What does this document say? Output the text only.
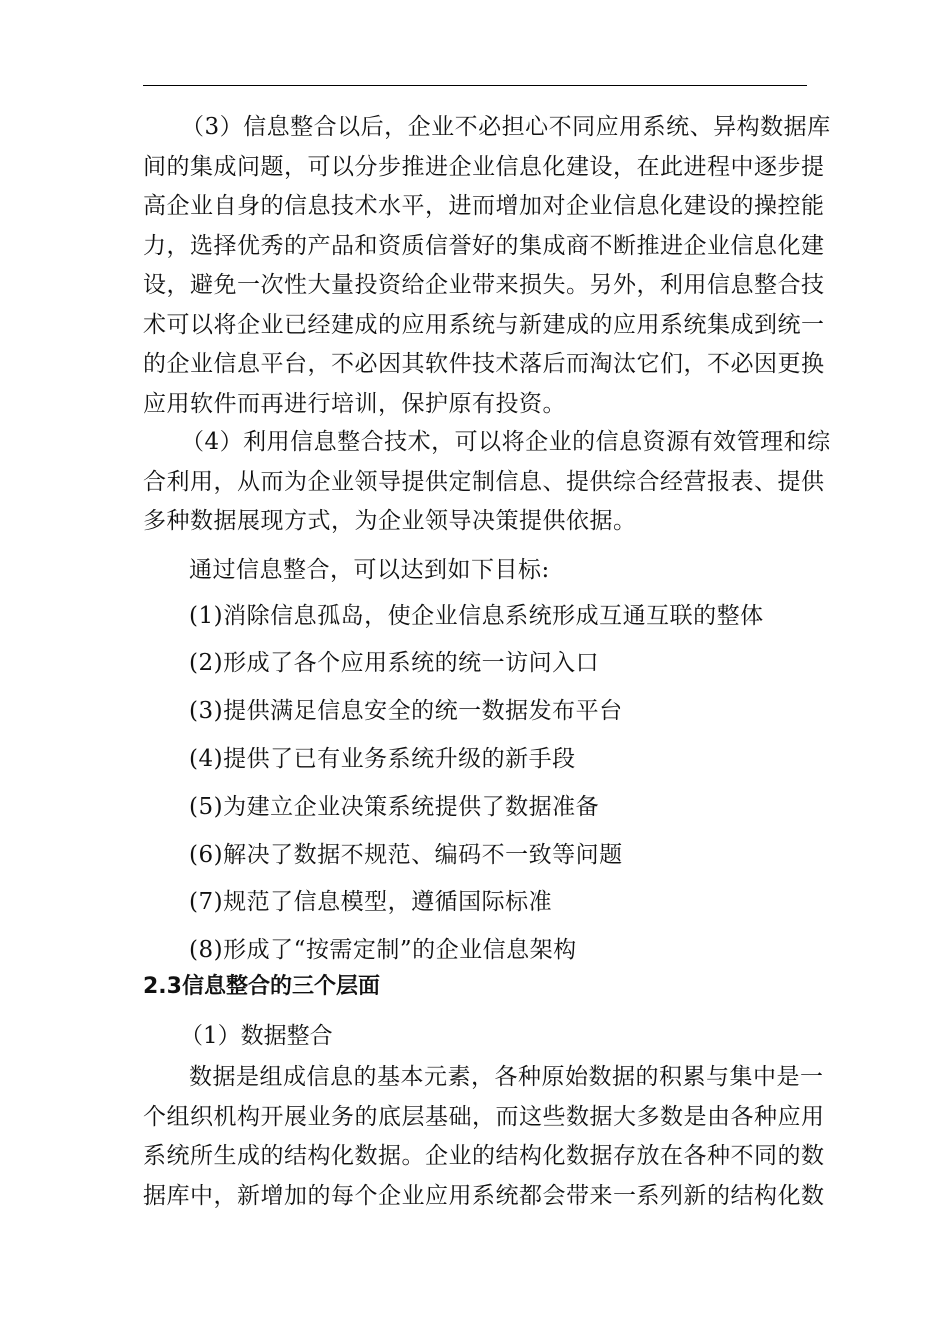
（3）信息整合以后，企业不必担心不同应用系统、异构数据库
间的集成问题，可以分步推进企业信息化建设，在此进程中逐步提
高企业自身的信息技术水平，进而增加对企业信息化建设的操控能
力，选择优秀的产品和资质信誉好的集成商不断推进企业信息化建
设，避免一次性大量投资给企业带来损失。另外，利用信息整合技
术可以将企业已经建成的应用系统与新建成的应用系统集成到统一
的企业信息平台，不必因其软件技术落后而淘汰它们，不必因更换
应用软件而再进行培训，保护原有投资。
（4）利用信息整合技术，可以将企业的信息资源有效管理和综
合利用，从而为企业领导提供定制信息、提供综合经营报表、提供
多种数据展现方式，为企业领导决策提供依据。
通过信息整合，可以达到如下目标:
(1)消除信息孤岛，使企业信息系统形成互通互联的整体
(2)形成了各个应用系统的统一访问入口
(3)提供满足信息安全的统一数据发布平台
(4)提供了已有业务系统升级的新手段
(5)为建立企业决策系统提供了数据准备
(6)解决了数据不规范、编码不一致等问题
(7)规范了信息模型，遵循国际标准
(8)形成了“按需定制”的企业信息架构
2.3信息整合的三个层面
（1）数据整合
数据是组成信息的基本元素，各种原始数据的积累与集中是一
个组织机构开展业务的底层基础，而这些数据大多数是由各种应用
系统所生成的结构化数据。企业的结构化数据存放在各种不同的数
据库中，新增加的每个企业应用系统都会带来一系列新的结构化数
